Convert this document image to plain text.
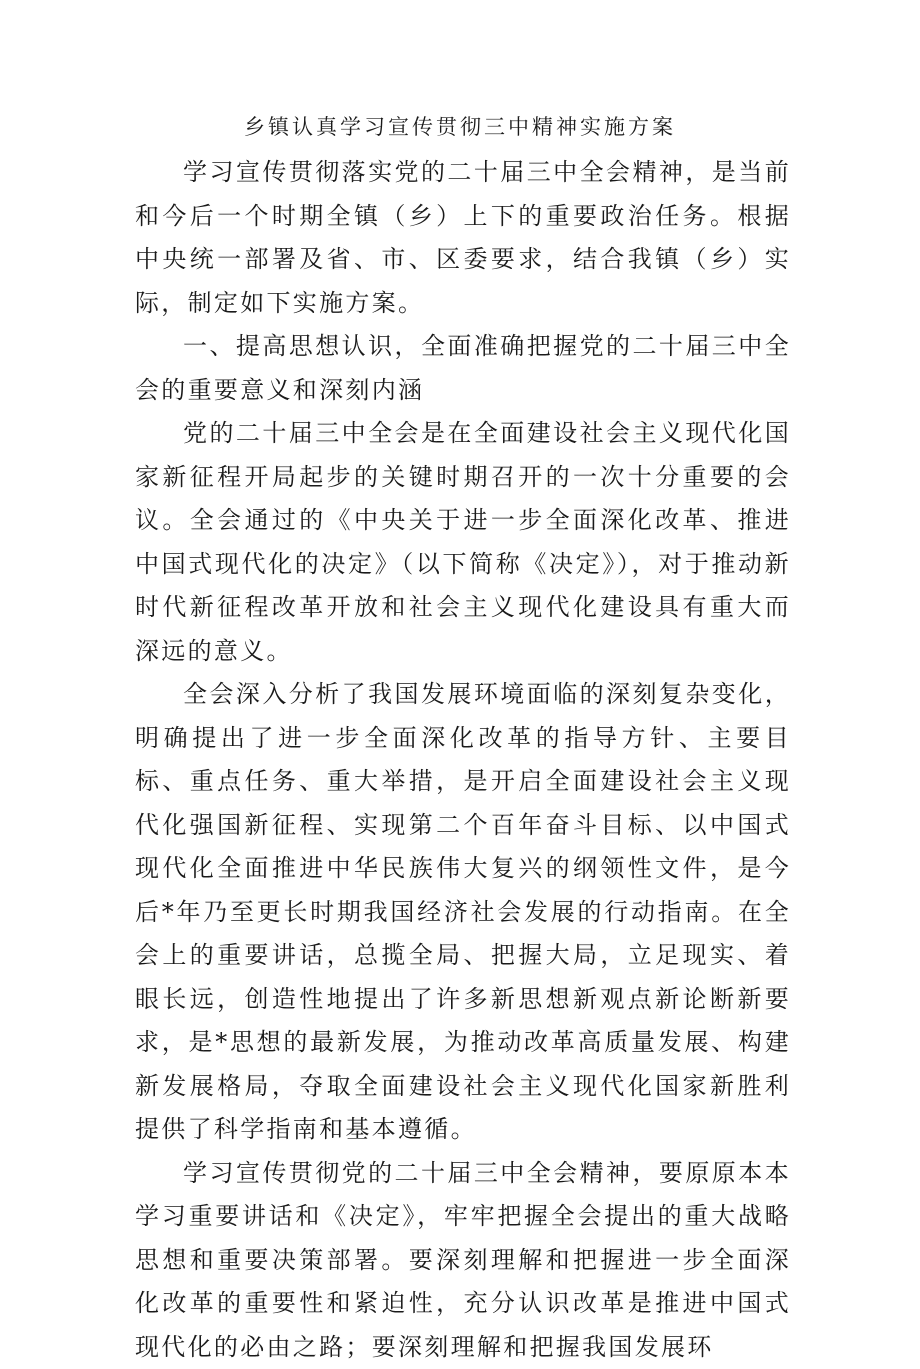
乡镇认真学习宣传贯彻三中精神实施方案

学习宣传贯彻落实党的二十届三中全会精神，是当前和今后一个时期全镇（乡）上下的重要政治任务。根据中央统一部署及省、市、区委要求，结合我镇（乡）实际，制定如下实施方案。

一、提高思想认识，全面准确把握党的二十届三中全会的重要意义和深刻内涵

党的二十届三中全会是在全面建设社会主义现代化国家新征程开局起步的关键时期召开的一次十分重要的会议。全会通过的《中央关于进一步全面深化改革、推进中国式现代化的决定》（以下简称《决定》），对于推动新时代新征程改革开放和社会主义现代化建设具有重大而深远的意义。

全会深入分析了我国发展环境面临的深刻复杂变化，明确提出了进一步全面深化改革的指导方针、主要目标、重点任务、重大举措，是开启全面建设社会主义现代化强国新征程、实现第二个百年奋斗目标、以中国式现代化全面推进中华民族伟大复兴的纲领性文件，是今后*年乃至更长时期我国经济社会发展的行动指南。在全会上的重要讲话，总揽全局、把握大局，立足现实、着眼长远，创造性地提出了许多新思想新观点新论断新要求，是*思想的最新发展，为推动改革高质量发展、构建新发展格局，夺取全面建设社会主义现代化国家新胜利提供了科学指南和基本遵循。

学习宣传贯彻党的二十届三中全会精神，要原原本本学习重要讲话和《决定》，牢牢把握全会提出的重大战略思想和重要决策部署。要深刻理解和把握进一步全面深化改革的重要性和紧迫性，充分认识改革是推进中国式现代化的必由之路；要深刻理解和把握我国发展环
